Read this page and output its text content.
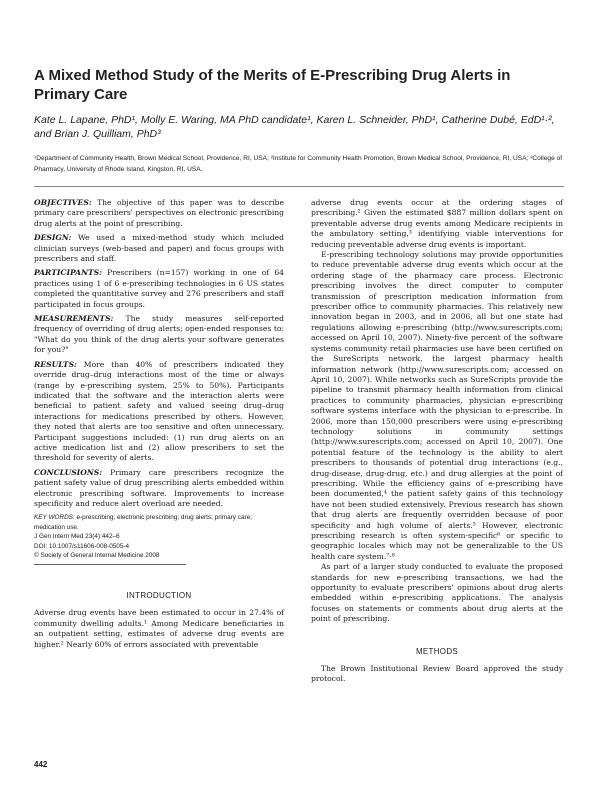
A Mixed Method Study of the Merits of E-Prescribing Drug Alerts in Primary Care
Kate L. Lapane, PhD¹, Molly E. Waring, MA PhD candidate¹, Karen L. Schneider, PhD¹, Catherine Dubé, EdD¹·², and Brian J. Quilliam, PhD³
¹Department of Community Health, Brown Medical School, Providence, RI, USA; ²Institute for Community Health Promotion, Brown Medical School, Providence, RI, USA; ³College of Pharmacy, University of Rhode Island, Kingston, RI, USA.

OBJECTIVES: The objective of this paper was to describe primary care prescribers' perspectives on electronic prescribing drug alerts at the point of prescribing.

DESIGN: We used a mixed-method study which included clinician surveys (web-based and paper) and focus groups with prescribers and staff.

PARTICIPANTS: Prescribers (n=157) working in one of 64 practices using 1 of 6 e-prescribing technologies in 6 US states completed the quantitative survey and 276 prescribers and staff participated in focus groups.

MEASUREMENTS: The study measures self-reported frequency of overriding of drug alerts; open-ended responses to: "What do you think of the drug alerts your software generates for you?"

RESULTS: More than 40% of prescribers indicated they override drug–drug interactions most of the time or always (range by e-prescribing system, 25% to 50%). Participants indicated that the software and the interaction alerts were beneficial to patient safety and valued seeing drug–drug interactions for medications prescribed by others. However, they noted that alerts are too sensitive and often unnecessary. Participant suggestions included: (1) run drug alerts on an active medication list and (2) allow prescribers to set the threshold for severity of alerts.

CONCLUSIONS: Primary care prescribers recognize the patient safety value of drug prescribing alerts embedded within electronic prescribing software. Improvements to increase specificity and reduce alert overload are needed.

KEY WORDS: e-prescribing; electronic prescribing; drug alerts; primary care; medication use.
J Gen Intern Med 23(4):442–6
DOI: 10.1007/s11606-008-0505-4
© Society of General Internal Medicine 2008
INTRODUCTION

Adverse drug events have been estimated to occur in 27.4% of community dwelling adults.¹ Among Medicare beneficiaries in an outpatient setting, estimates of adverse drug events are higher.² Nearly 60% of errors associated with preventable

adverse drug events occur at the ordering stages of prescribing.² Given the estimated $887 million dollars spent on preventable adverse drug events among Medicare recipients in the ambulatory setting,³ identifying viable interventions for reducing preventable adverse drug events is important.

E-prescribing technology solutions may provide opportunities to reduce preventable adverse drug events which occur at the ordering stage of the pharmacy care process. Electronic prescribing involves the direct computer to computer transmission of prescription medication information from prescriber office to community pharmacies. This relatively new innovation began in 2003, and in 2006, all but one state had regulations allowing e-prescribing (http://www.surescripts.com; accessed on April 10, 2007). Ninety-five percent of the software systems community retail pharmacies use have been certified on the SureScripts network, the largest pharmacy health information network (http://www.surescripts.com; accessed on April 10, 2007). While networks such as SureScripts provide the pipeline to transmit pharmacy health information from clinical practices to community pharmacies, physician e-prescribing software systems interface with the physician to e-prescribe. In 2006, more than 150,000 prescribers were using e-prescribing technology solutions in community settings (http://www.surescripts.com; accessed on April 10, 2007). One potential feature of the technology is the ability to alert prescribers to thousands of potential drug interactions (e.g., drug-disease, drug-drug, etc.) and drug allergies at the point of prescribing. While the efficiency gains of e-prescribing have been documented,⁴ the patient safety gains of this technology have not been studied extensively. Previous research has shown that drug alerts are frequently overridden because of poor specificity and high volume of alerts.⁵ However, electronic prescribing research is often system-specific⁶ or specific to geographic locales which may not be generalizable to the US health care system.⁷·⁸

As part of a larger study conducted to evaluate the proposed standards for new e-prescribing transactions, we had the opportunity to evaluate prescribers' opinions about drug alerts embedded within e-prescribing applications. The analysis focuses on statements or comments about drug alerts at the point of prescribing.

METHODS

The Brown Institutional Review Board approved the study protocol.

442
